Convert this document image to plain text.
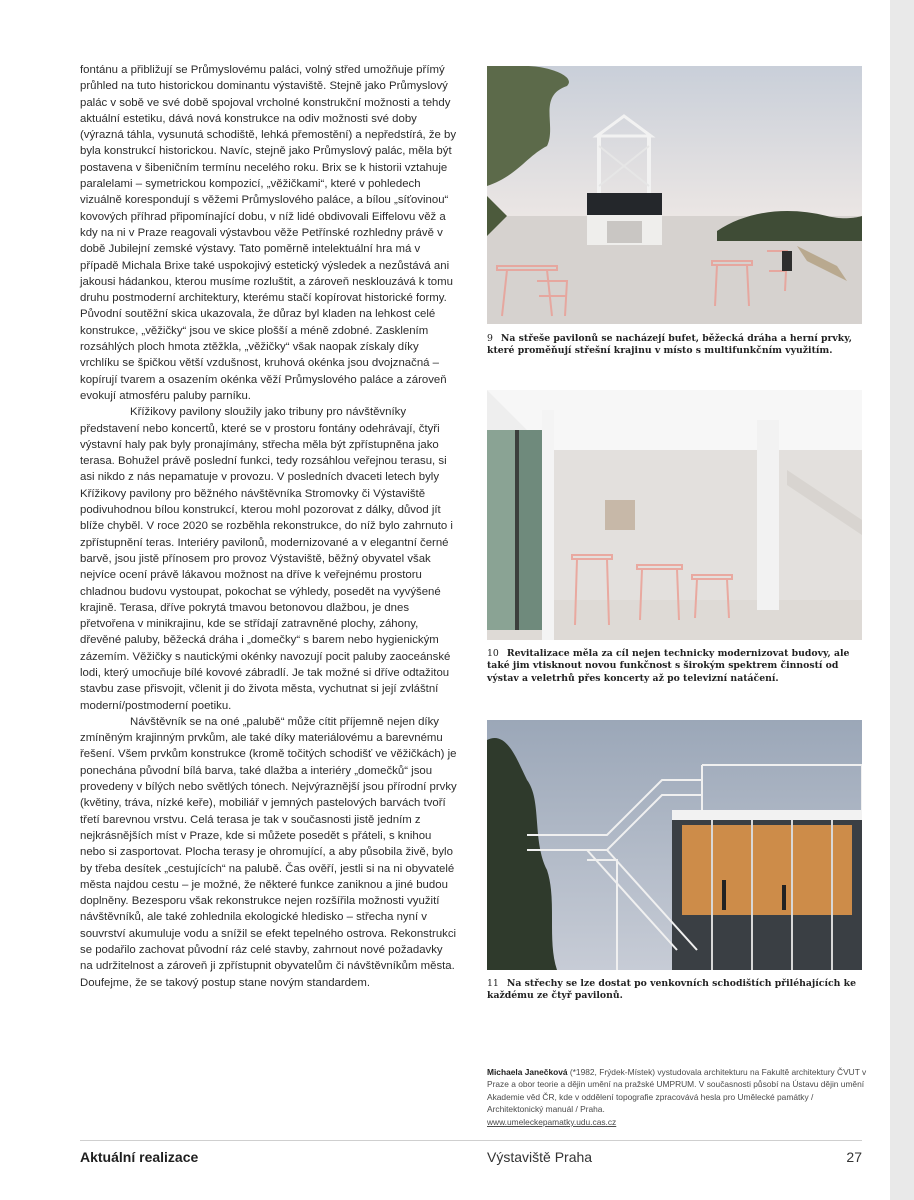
fontánu a přibližují se Průmyslovému paláci, volný střed umožňuje přímý průhled na tuto historickou dominantu výstaviště. Stejně jako Průmyslový palác v sobě ve své době spojoval vrcholné konstrukční možnosti a tehdy aktuální estetiku, dává nová konstrukce na odiv možnosti své doby (výrazná táhla, vysunutá schodiště, lehká přemostění) a nepředstírá, že by byla konstrukcí historickou. Navíc, stejně jako Průmyslový palác, měla být postavena v šibeničním termínu necelého roku. Brix se k historii vztahuje paralelami – symetrickou kompozicí, „věžičkami“, které v pohledech vizuálně korespondují s věžemi Průmyslového paláce, a bílou „síťovinou“ kovových příhrad připomínající dobu, v níž lidé obdivovali Eiffelovu věž a kdy na ni v Praze reagovali výstavbou věže Petřínské rozhledny právě v době Jubilejní zemské výstavy. Tato poměrně intelektuální hra má v případě Michala Brixe také uspokojivý estetický výsledek a nezůstává ani jakousi hádankou, kterou musíme rozluštit, a zároveň nesklouzává k tomu druhu postmoderní architektury, kterému stačí kopírovat historické formy. Původní soutěžní skica ukazovala, že důraz byl kladen na lehkost celé konstrukce, „věžičky“ jsou ve skice plošší a méně zdobné. Zasklením rozsáhlých ploch hmota ztěžkla, „věžičky“ však naopak získaly díky vrchlíku se špičkou větší vzdušnost, kruhová okénka jsou dvojznačná – kopírují tvarem a osazením okénka věží Průmyslového paláce a zároveň evokují atmosféru paluby parníku.

Křížikovy pavilony sloužily jako tribuny pro návštěvníky představení nebo koncertů, které se v prostoru fontány odehrávají, čtyři výstavní haly pak byly pronajímány, střecha měla být zpřístupněna jako terasa. Bohužel právě poslední funkci, tedy rozsáhlou veřejnou terasu, si asi nikdo z nás nepamatuje v provozu. V posledních dvaceti letech byly Křížikovy pavilony pro běžného návštěvníka Stromovky či Výstaviště podivuhodnou bílou konstrukcí, kterou mohl pozorovat z dálky, důvod jít blíže chyběl. V roce 2020 se rozběhla rekonstrukce, do níž bylo zahrnuto i zpřístupnění teras. Interiéry pavilonů, modernizované a v elegantní černé barvě, jsou jistě přínosem pro provoz Výstaviště, běžný obyvatel však nejvíce ocení právě lákavou možnost na dříve k veřejnému prostoru chladnou budovu vystoupat, pokochat se výhledy, posedět na vyvýšené krajině. Terasa, dříve pokrytá tmavou betonovou dlažbou, je dnes přetvořena v minikrajinu, kde se střídají zatravněné plochy, záhony, dřevěné paluby, běžecká dráha i „domečky“ s barem nebo hygienickým zázemím. Věžičky s nautickými okénky navozují pocit paluby zaoceánské lodi, který umocňuje bílé kovové zábradlí. Je tak možné si dříve odtažitou stavbu zase přisvojit, včlenit ji do života města, vychutnat si její zvláštní moderní/postmoderní poetiku.

Návštěvník se na oné „palubě“ může cítit příjemně nejen díky zmíněným krajinným prvkům, ale také díky materiálovému a barevnému řešení. Všem prvkům konstrukce (kromě točitých schodišť ve věžičkách) je ponechána původní bílá barva, také dlažba a interiéry „domečků“ jsou provedeny v bílých nebo světlých tónech. Nejvýraznější jsou přírodní prvky (květiny, tráva, nízké keře), mobiliář v jemných pastelových barvách tvoří třetí barevnou vrstvu. Celá terasa je tak v současnosti jistě jedním z nejkrásnějších míst v Praze, kde si můžete posedět s přáteli, s knihou nebo si zasportovat. Plocha terasy je ohromující, a aby působila živě, bylo by třeba desítek „cestujících“ na palubě. Čas ověří, jestli si na ni obyvatelé města najdou cestu – je možné, že některé funkce zaniknou a jiné budou doplněny. Bezesporu však rekonstrukce nejen rozšířila možnosti využití návštěvníků, ale také zohlednila ekologické hledisko – střecha nyní v souvrství akumuluje vodu a snížil se efekt tepelného ostrova. Rekonstrukci se podařilo zachovat původní ráz celé stavby, zahrnout nové požadavky na udržitelnost a zároveň ji zpřístupnit obyvatelům či návštěvníkům města. Doufejme, že se takový postup stane novým standardem.

9 Na střeše pavilonů se nacházejí bufet, běžecká dráha a herní prvky, které proměňují střešní krajinu v místo s multifunkčním využitím.
10 Revitalizace měla za cíl nejen technicky modernizovat budovy, ale také jim vtisknout novou funkčnost s širokým spektrem činností od výstav a veletrhů přes koncerty až po televizní natáčení.
11 Na střechy se lze dostat po venkovních schodištích přiléhajících ke každému ze čtyř pavilonů.
Michaela Janečková (*1982, Frýdek-Místek) vystudovala architekturu na Fakultě architektury ČVUT v Praze a obor teorie a dějin umění na pražské UMPRUM. V současnosti působí na Ústavu dějin umění Akademie věd ČR, kde v oddělení topografie zpracovává hesla pro Umělecké památky / Architektonický manuál / Praha.
www.umeleckepamatky.udu.cas.cz
Aktuální realizace	Výstaviště Praha	27
